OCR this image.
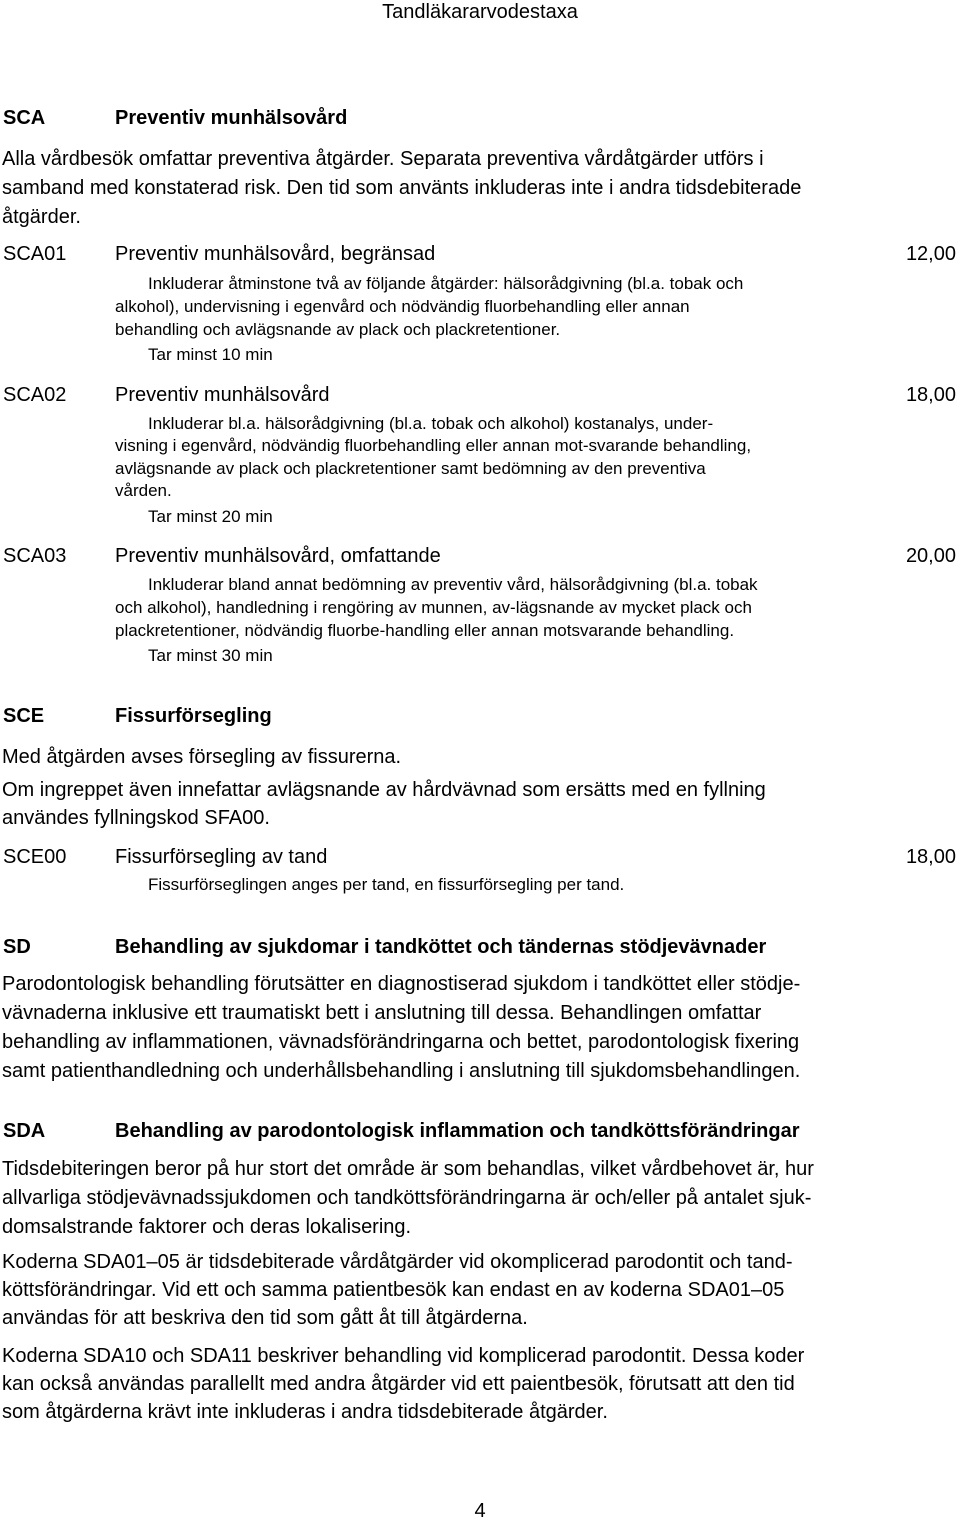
Tandläkararvodestaxa
SCA	Preventiv munhälsovård
Alla vårdbesök omfattar preventiva åtgärder. Separata preventiva vårdåtgärder utförs i
samband med konstaterad risk. Den tid som använts inkluderas inte i andra tidsdebiterade
åtgärder.
SCA01 Preventiv munhälsovård, begränsad	12,00
Inkluderar åtminstone två av följande åtgärder: hälsorådgivning (bl.a. tobak och
alkohol), undervisning i egenvård och nödvändig fluorbehandling eller annan
behandling och avlägsnande av plack och plackretentioner.
Tar minst 10 min
SCA02 Preventiv munhälsovård	18,00
Inkluderar bl.a. hälsorådgivning (bl.a. tobak och alkohol) kostanalys, under-
visning i egenvård, nödvändig fluorbehandling eller annan mot-svarande behandling,
avlägsnande av plack och plackretentioner samt bedömning av den preventiva
vården.
Tar minst 20 min
SCA03 Preventiv munhälsovård, omfattande	20,00
Inkluderar bland annat bedömning av preventiv vård, hälsorådgivning (bl.a. tobak
och alkohol), handledning i rengöring av munnen, av-lägsnande av mycket plack och
plackretentioner, nödvändig fluorbe-handling eller annan motsvarande behandling.
Tar minst 30 min
SCE	Fissurförsegling
Med åtgärden avses försegling av fissurerna.
Om ingreppet även innefattar avlägsnande av hårdvävnad som ersätts med en fyllning
användes fyllningskod SFA00.
SCE00 Fissurförsegling av tand	18,00
Fissurförseglingen anges per tand, en fissurförsegling per tand.
SD	Behandling av sjukdomar i tandköttet och tändernas stödjevävnader
Parodontologisk behandling förutsätter en diagnostiserad sjukdom i tandköttet eller stödje-
vävnaderna inklusive ett traumatiskt bett i anslutning till dessa. Behandlingen omfattar
behandling av inflammationen, vävnadsförändringarna och bettet, parodontologisk fixering
samt patienthandledning och underhållsbehandling i anslutning till sjukdomsbehandlingen.
SDA	Behandling av parodontologisk inflammation och tandköttsförändringar
Tidsdebiteringen beror på hur stort det område är som behandlas, vilket vårdbehovet är, hur
allvarliga stödjevävnadssjukdomen och tandköttsförändringarna är och/eller på antalet sjuk-
domsalstrande faktorer och deras lokalisering.
Koderna SDA01–05 är tidsdebiterade vårdåtgärder vid okomplicerad parodontit och tand-
köttsförändringar. Vid ett och samma patientbesök kan endast en av koderna SDA01–05
användas för att beskriva den tid som gått åt till åtgärderna.
Koderna SDA10 och SDA11 beskriver behandling vid komplicerad parodontit. Dessa koder
kan också användas parallellt med andra åtgärder vid ett paientbesök, förutsatt att den tid
som åtgärderna krävt inte inkluderas i andra tidsdebiterade åtgärder.
4
